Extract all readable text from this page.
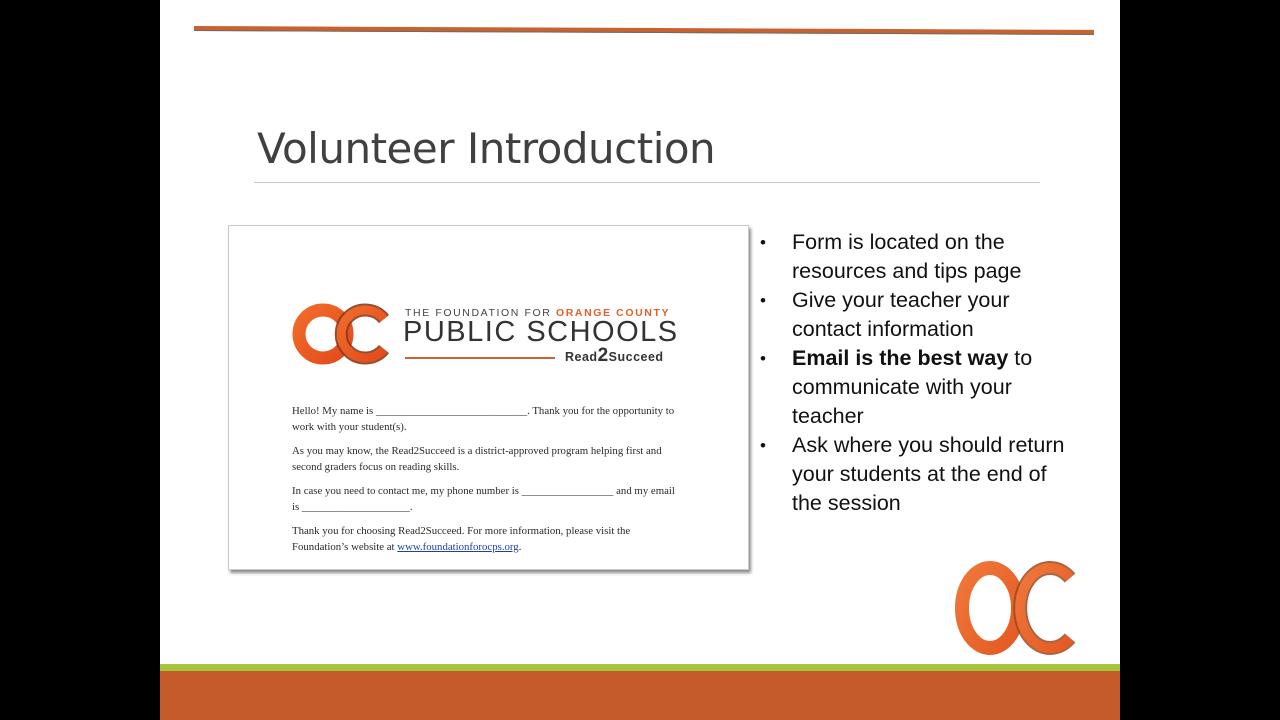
Volunteer Introduction
THE FOUNDATION FOR ORANGE COUNTY
PUBLIC SCHOOLS
Read2Succeed

Hello! My name is ____________________________. Thank you for the opportunity to work with your student(s).

As you may know, the Read2Succeed is a district-approved program helping first and second graders focus on reading skills.

In case you need to contact me, my phone number is _________________ and my email is ____________________.

Thank you for choosing Read2Succeed. For more information, please visit the Foundation’s website at www.foundationforocps.org.

•	Form is located on the resources and tips page
•	Give your teacher your contact information
•	Email is the best way to communicate with your teacher
•	Ask where you should return your students at the end of the session
